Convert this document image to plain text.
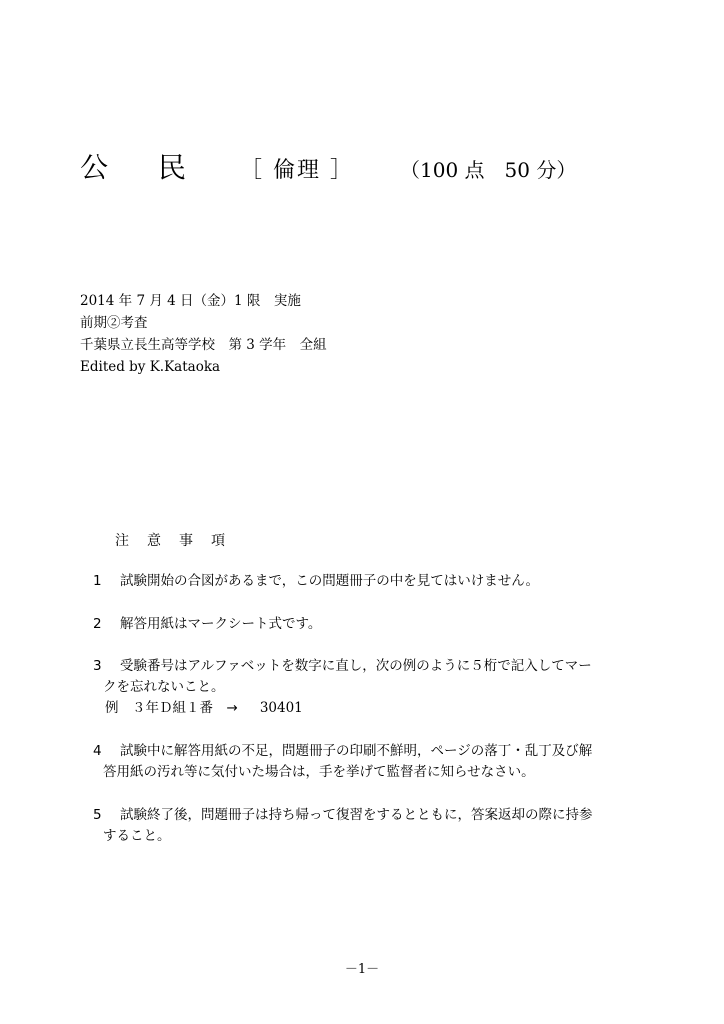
公 民 ［ 倫理 ］ （100 点　50 分）
2014 年 7 月 4 日（金）1 限　実施
前期②考査
千葉県立長生高等学校　第 3 学年　全組
Edited by K.Kataoka
注 意 事 項
1 試験開始の合図があるまで，この問題冊子の中を見てはいけません。
2 解答用紙はマークシート式です。
3 受験番号はアルファベットを数字に直し，次の例のように５桁で記入してマー
クを忘れないこと。
例　３年Ｄ組１番　→ 30401
4 試験中に解答用紙の不足，問題冊子の印刷不鮮明，ページの落丁・乱丁及び解
答用紙の汚れ等に気付いた場合は，手を挙げて監督者に知らせなさい。
5 試験終了後，問題冊子は持ち帰って復習をするとともに，答案返却の際に持参
すること。
－1－
